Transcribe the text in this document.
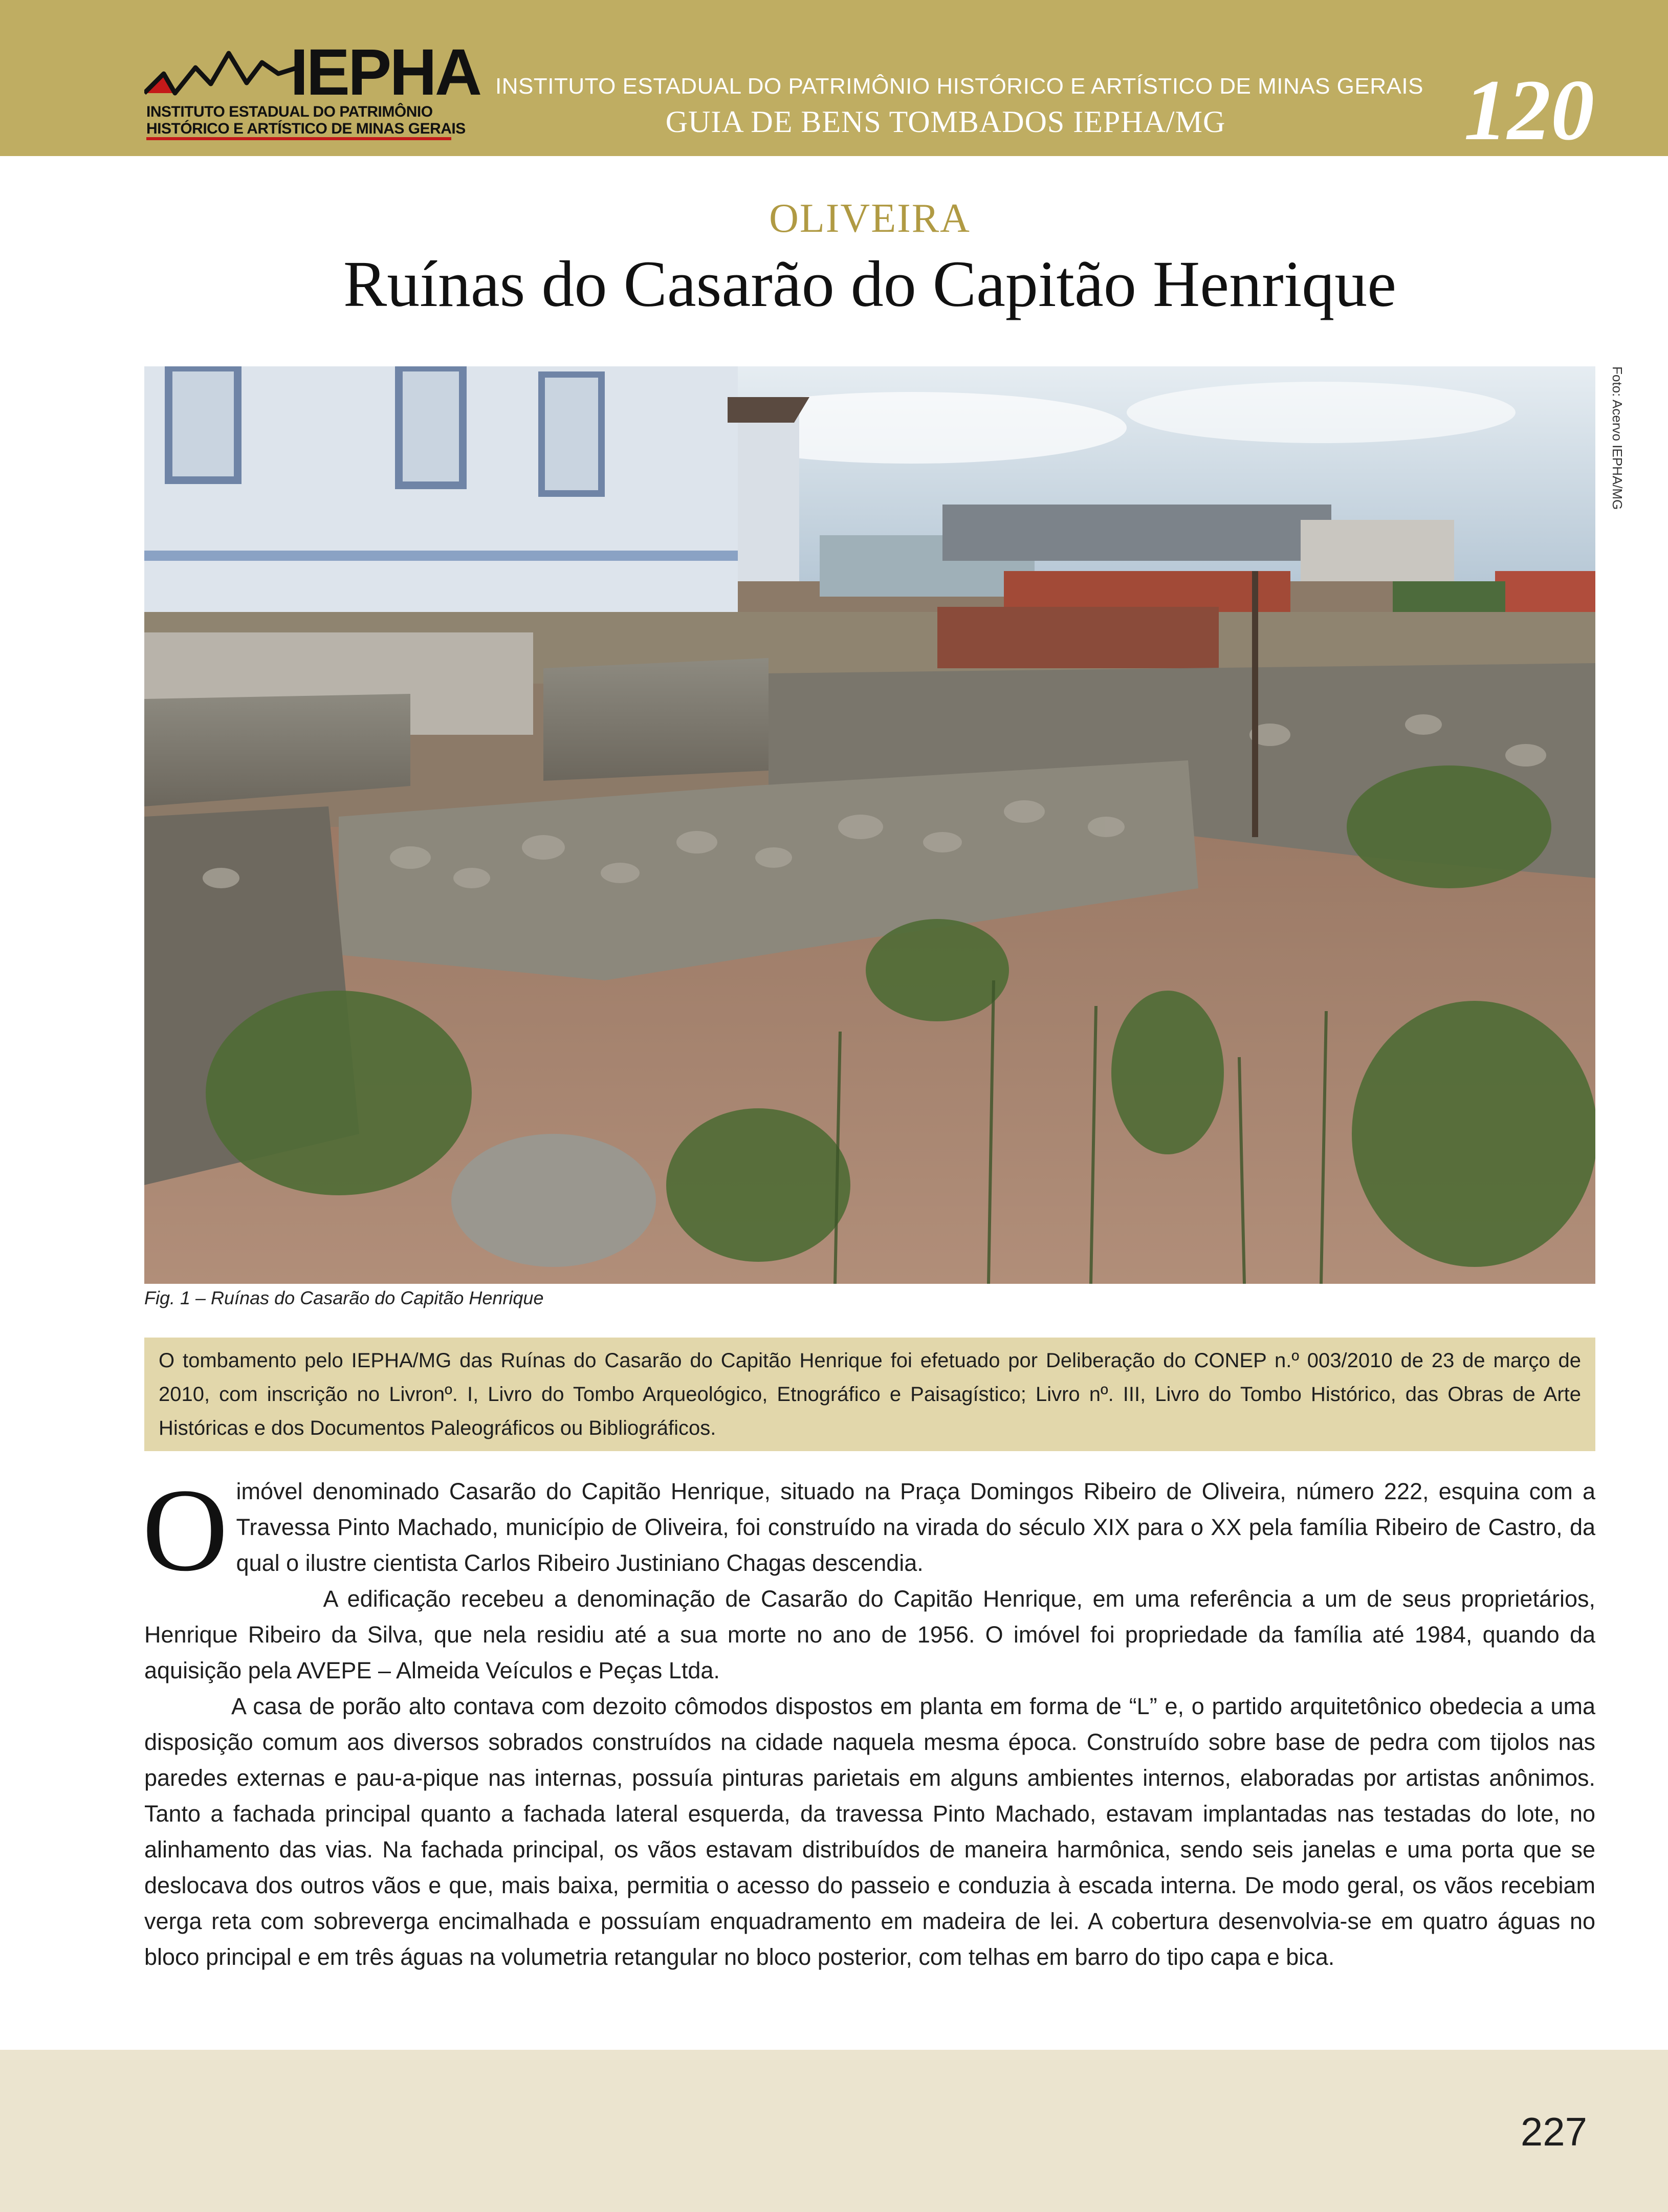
IEPHA
INSTITUTO ESTADUAL DO PATRIMÔNIO
HISTÓRICO E ARTÍSTICO DE MINAS GERAIS
INSTITUTO ESTADUAL DO PATRIMÔNIO HISTÓRICO E ARTÍSTICO DE MINAS GERAIS
GUIA DE BENS TOMBADOS IEPHA/MG	120
OLIVEIRA
Ruínas do Casarão do Capitão Henrique
Foto: Acervo IEPHA/MG
Fig. 1 – Ruínas do Casarão do Capitão Henrique
O tombamento pelo IEPHA/MG das Ruínas do Casarão do Capitão Henrique foi efetuado por Deliberação do CONEP n.º 003/2010 de 23 de março de 2010, com inscrição no Livronº. I, Livro do Tombo Arqueológico, Etnográfico e Paisagístico; Livro nº. III, Livro do Tombo Histórico, das Obras de Arte Históricas e dos Documentos Paleográficos ou Bibliográficos.

Oimóvel denominado Casarão do Capitão Henrique, situado na Praça Domingos Ribeiro de Oliveira, número 222, esquina com a Travessa Pinto Machado, município de Oliveira, foi construído na virada do século XIX para o XX pela família Ribeiro de Castro, da qual o ilustre cientista Carlos Ribeiro Justiniano Chagas descendia.

A edificação recebeu a denominação de Casarão do Capitão Henrique, em uma referência a um de seus proprietários, Henrique Ribeiro da Silva, que nela residiu até a sua morte no ano de 1956. O imóvel foi propriedade da família até 1984, quando da aquisição pela AVEPE – Almeida Veículos e Peças Ltda.

A casa de porão alto contava com dezoito cômodos dispostos em planta em forma de “L” e, o partido arquitetônico obedecia a uma disposição comum aos diversos sobrados construídos na cidade naquela mesma época. Construído sobre base de pedra com tijolos nas paredes externas e pau-a-pique nas internas, possuía pinturas parietais em alguns ambientes internos, elaboradas por artistas anônimos. Tanto a fachada principal quanto a fachada lateral esquerda, da travessa Pinto Machado, estavam implantadas nas testadas do lote, no alinhamento das vias. Na fachada principal, os vãos estavam distribuídos de maneira harmônica, sendo seis janelas e uma porta que se deslocava dos outros vãos e que, mais baixa, permitia o acesso do passeio e conduzia à escada interna. De modo geral, os vãos recebiam verga reta com sobreverga encimalhada e possuíam enquadramento em madeira de lei. A cobertura desenvolvia-se em quatro águas no bloco principal e em três águas na volumetria retangular no bloco posterior, com telhas em barro do tipo capa e bica.

227
